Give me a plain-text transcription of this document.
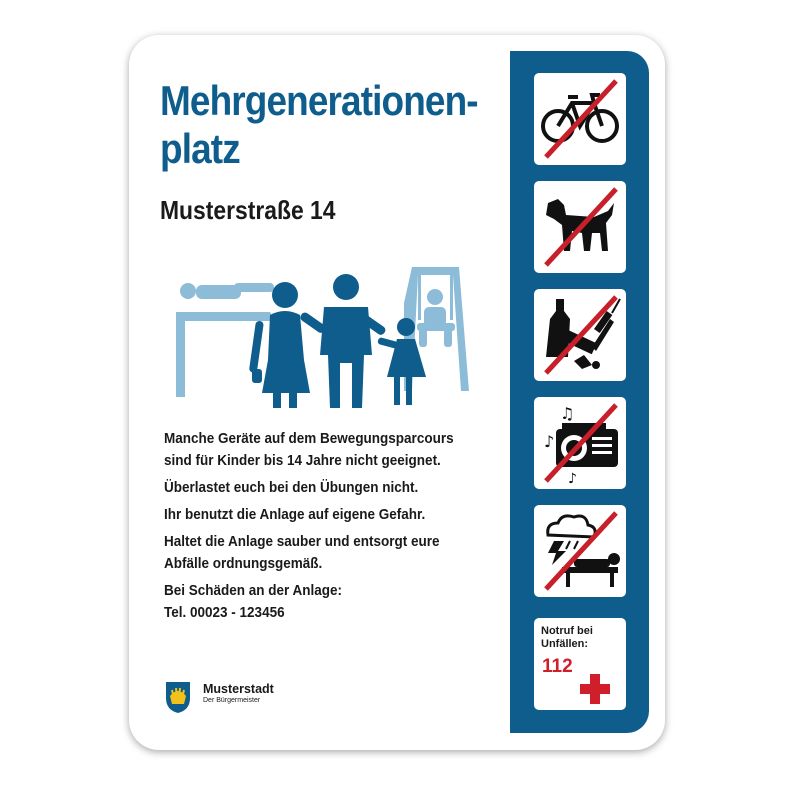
Mehrgenerationen-
platz
Musterstraße 14

Manche Geräte auf dem Bewegungsparcours
sind für Kinder bis 14 Jahre nicht geeignet.

Überlastet euch bei den Übungen nicht.

Ihr benutzt die Anlage auf eigene Gefahr.

Haltet die Anlage sauber und entsorgt eure
Abfälle ordnungsgemäß.

Bei Schäden an der Anlage:
Tel. 00023 - 123456

Musterstadt
Der Bürgermeister
♪
♫
♪
Notruf bei
Unfällen:
112
